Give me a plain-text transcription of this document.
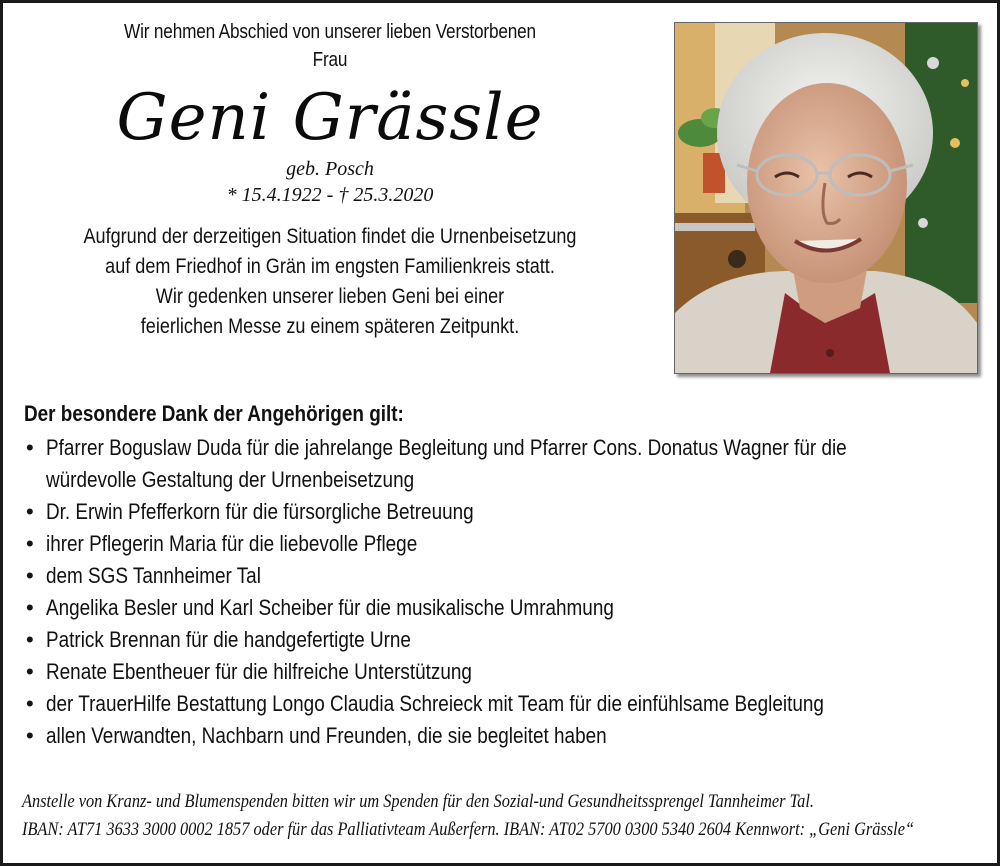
Wir nehmen Abschied von unserer lieben Verstorbenen
Frau
Geni Grässle
geb. Posch
* 15.4.1922 - † 25.3.2020
Aufgrund der derzeitigen Situation findet die Urnenbeisetzung
auf dem Friedhof in Grän im engsten Familienkreis statt.
Wir gedenken unserer lieben Geni bei einer
feierlichen Messe zu einem späteren Zeitpunkt.
Der besondere Dank der Angehörigen gilt:
• Pfarrer Boguslaw Duda für die jahrelange Begleitung und Pfarrer Cons. Donatus Wagner für die
würdevolle Gestaltung der Urnenbeisetzung
• Dr. Erwin Pfefferkorn für die fürsorgliche Betreuung
• ihrer Pflegerin Maria für die liebevolle Pflege
• dem SGS Tannheimer Tal
• Angelika Besler und Karl Scheiber für die musikalische Umrahmung
• Patrick Brennan für die handgefertigte Urne
• Renate Ebentheuer für die hilfreiche Unterstützung
• der TrauerHilfe Bestattung Longo Claudia Schreieck mit Team für die einfühlsame Begleitung
• allen Verwandten, Nachbarn und Freunden, die sie begleitet haben
Anstelle von Kranz- und Blumenspenden bitten wir um Spenden für den Sozial-und Gesundheitssprengel Tannheimer Tal.
IBAN: AT71 3633 3000 0002 1857 oder für das Palliativteam Außerfern. IBAN: AT02 5700 0300 5340 2604 Kennwort: „Geni Grässle“
